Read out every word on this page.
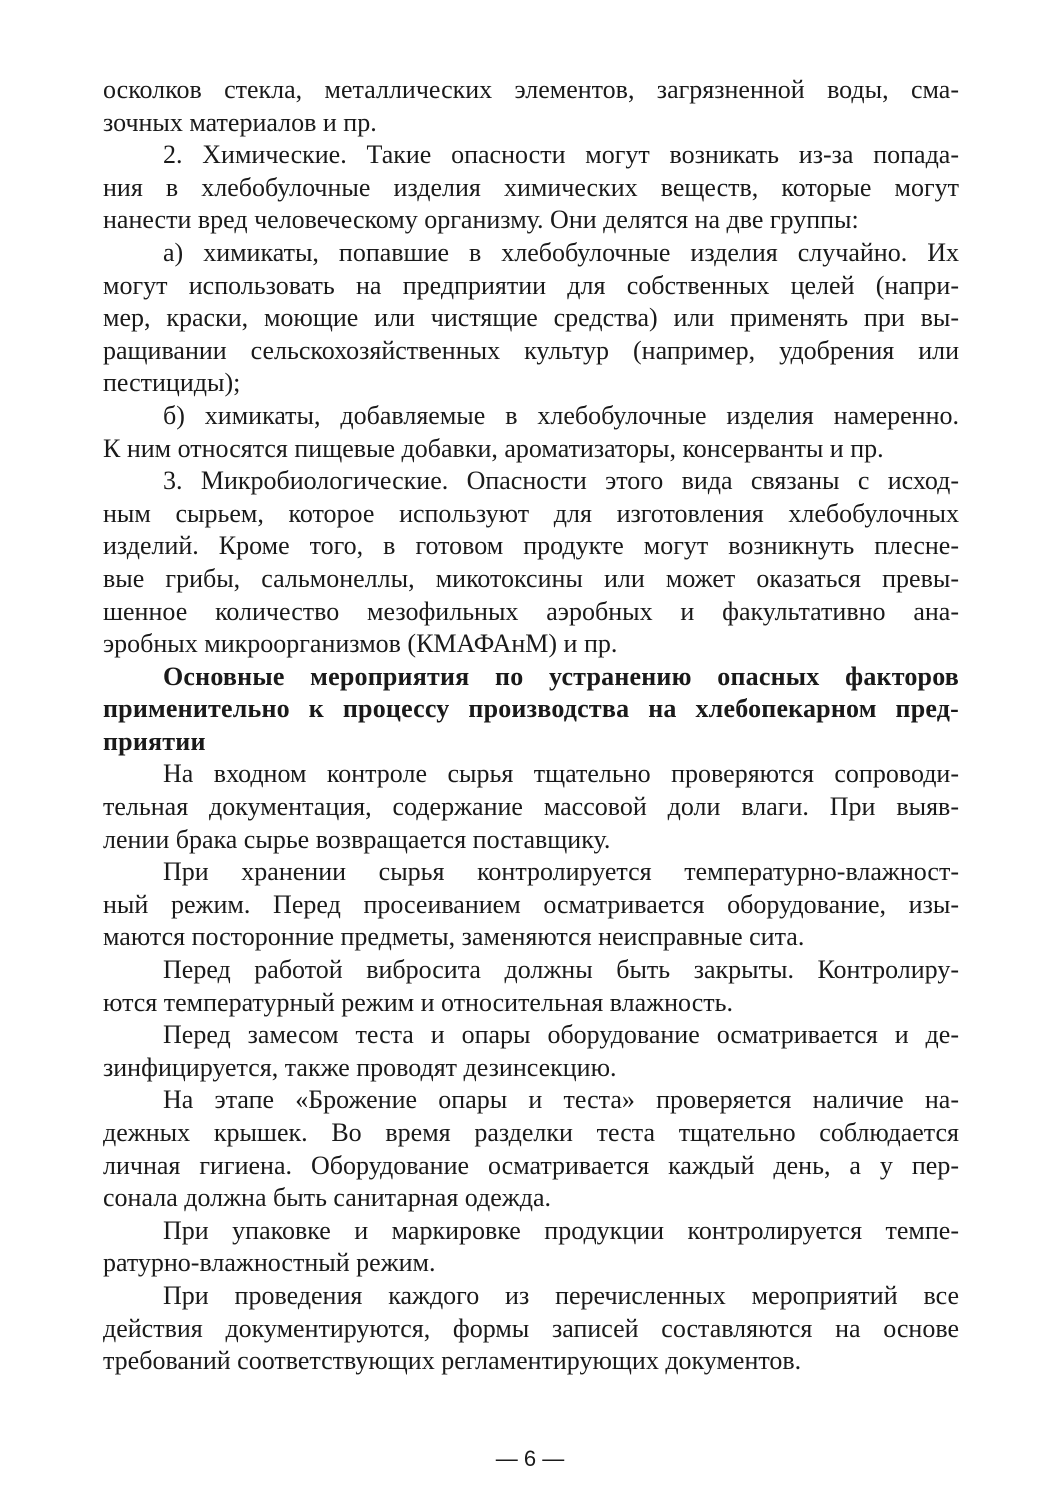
осколков стекла, металлических элементов, загрязненной воды, сма-
зочных материалов и пр.
2. Химические. Такие опасности могут возникать из-за попада-
ния в хлебобулочные изделия химических веществ, которые могут
нанести вред человеческому организму. Они делятся на две группы:
а) химикаты, попавшие в хлебобулочные изделия случайно. Их
могут использовать на предприятии для собственных целей (напри-
мер, краски, моющие или чистящие средства) или применять при вы-
ращивании сельскохозяйственных культур (например, удобрения или
пестициды);
б) химикаты, добавляемые в хлебобулочные изделия намеренно.
К ним относятся пищевые добавки, ароматизаторы, консерванты и пр.
3. Микробиологические. Опасности этого вида связаны с исход-
ным сырьем, которое используют для изготовления хлебобулочных
изделий. Кроме того, в готовом продукте могут возникнуть плесне-
вые грибы, сальмонеллы, микотоксины или может оказаться превы-
шенное количество мезофильных аэробных и факультативно ана-
эробных микроорганизмов (КМАФАнМ) и пр.
Основные мероприятия по устранению опасных факторов
применительно к процессу производства на хлебопекарном пред-
приятии
На входном контроле сырья тщательно проверяются сопроводи-
тельная документация, содержание массовой доли влаги. При выяв-
лении брака сырье возвращается поставщику.
При хранении сырья контролируется температурно-влажност-
ный режим. Перед просеиванием осматривается оборудование, изы-
маются посторонние предметы, заменяются неисправные сита.
Перед работой вибросита должны быть закрыты. Контролиру-
ются температурный режим и относительная влажность.
Перед замесом теста и опары оборудование осматривается и де-
зинфицируется, также проводят дезинсекцию.
На этапе «Брожение опары и теста» проверяется наличие на-
дежных крышек. Во время разделки теста тщательно соблюдается
личная гигиена. Оборудование осматривается каждый день, а у пер-
сонала должна быть санитарная одежда.
При упаковке и маркировке продукции контролируется темпе-
ратурно-влажностный режим.
При проведения каждого из перечисленных мероприятий все
действия документируются, формы записей составляются на основе
требований соответствующих регламентирующих документов.
— 6 —
